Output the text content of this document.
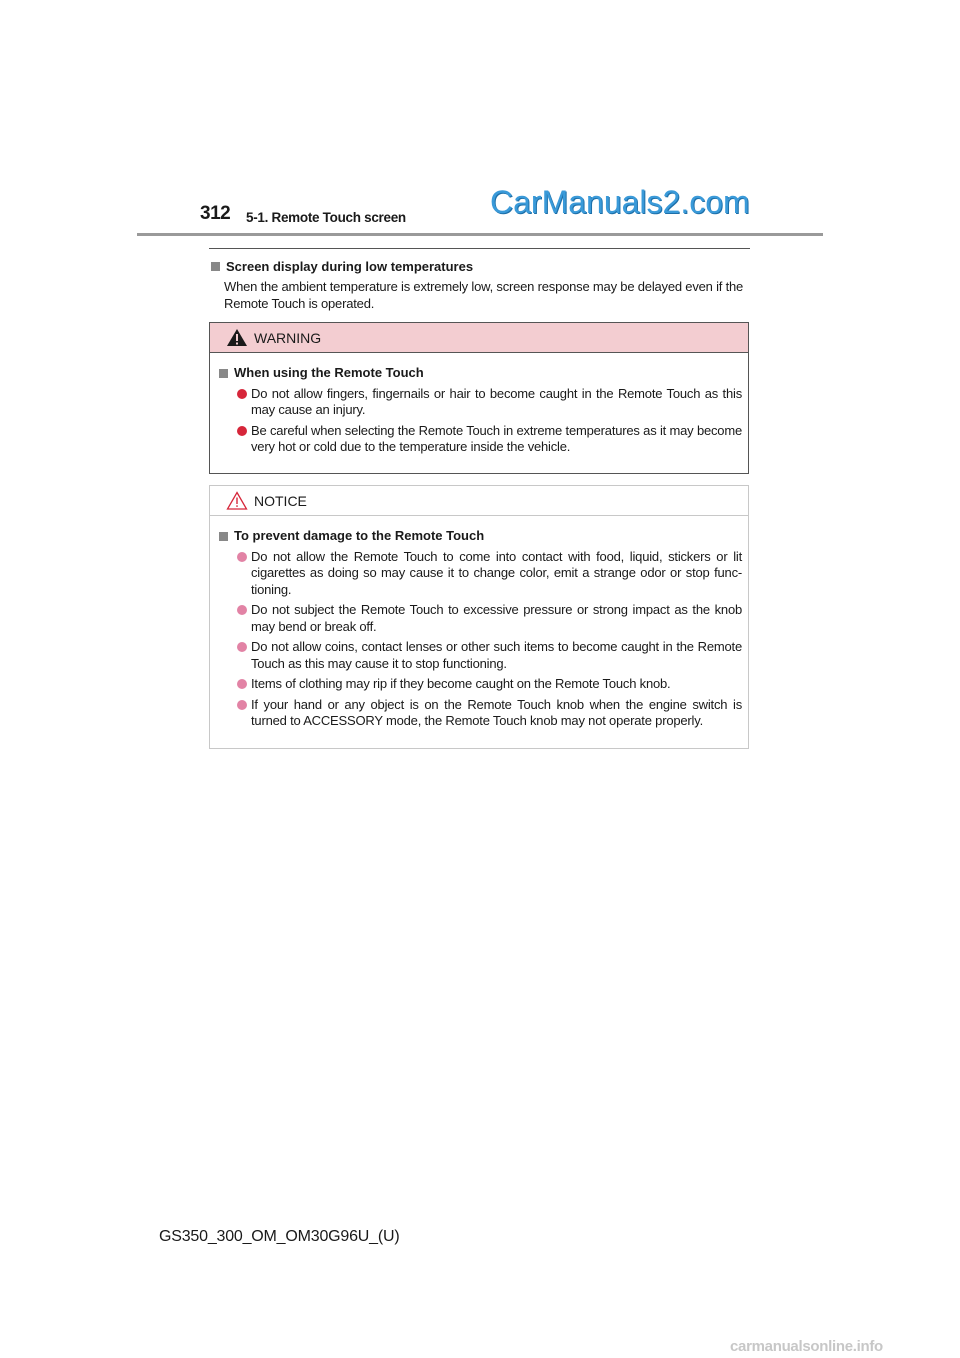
312 5-1. Remote Touch screen	CarManuals2.com
Screen display during low temperatures
When the ambient temperature is extremely low, screen response may be delayed even if the Remote Touch is operated.
WARNING
When using the Remote Touch
Do not allow fingers, fingernails or hair to become caught in the Remote Touch as this may cause an injury.
Be careful when selecting the Remote Touch in extreme temperatures as it may become very hot or cold due to the temperature inside the vehicle.
NOTICE
To prevent damage to the Remote Touch
Do not allow the Remote Touch to come into contact with food, liquid, stickers or lit cigarettes as doing so may cause it to change color, emit a strange odor or stop func-tioning.
Do not subject the Remote Touch to excessive pressure or strong impact as the knob may bend or break off.
Do not allow coins, contact lenses or other such items to become caught in the Remote Touch as this may cause it to stop functioning.
Items of clothing may rip if they become caught on the Remote Touch knob.
If your hand or any object is on the Remote Touch knob when the engine switch is turned to ACCESSORY mode, the Remote Touch knob may not operate properly.
GS350_300_OM_OM30G96U_(U)
carmanualsonline.info
